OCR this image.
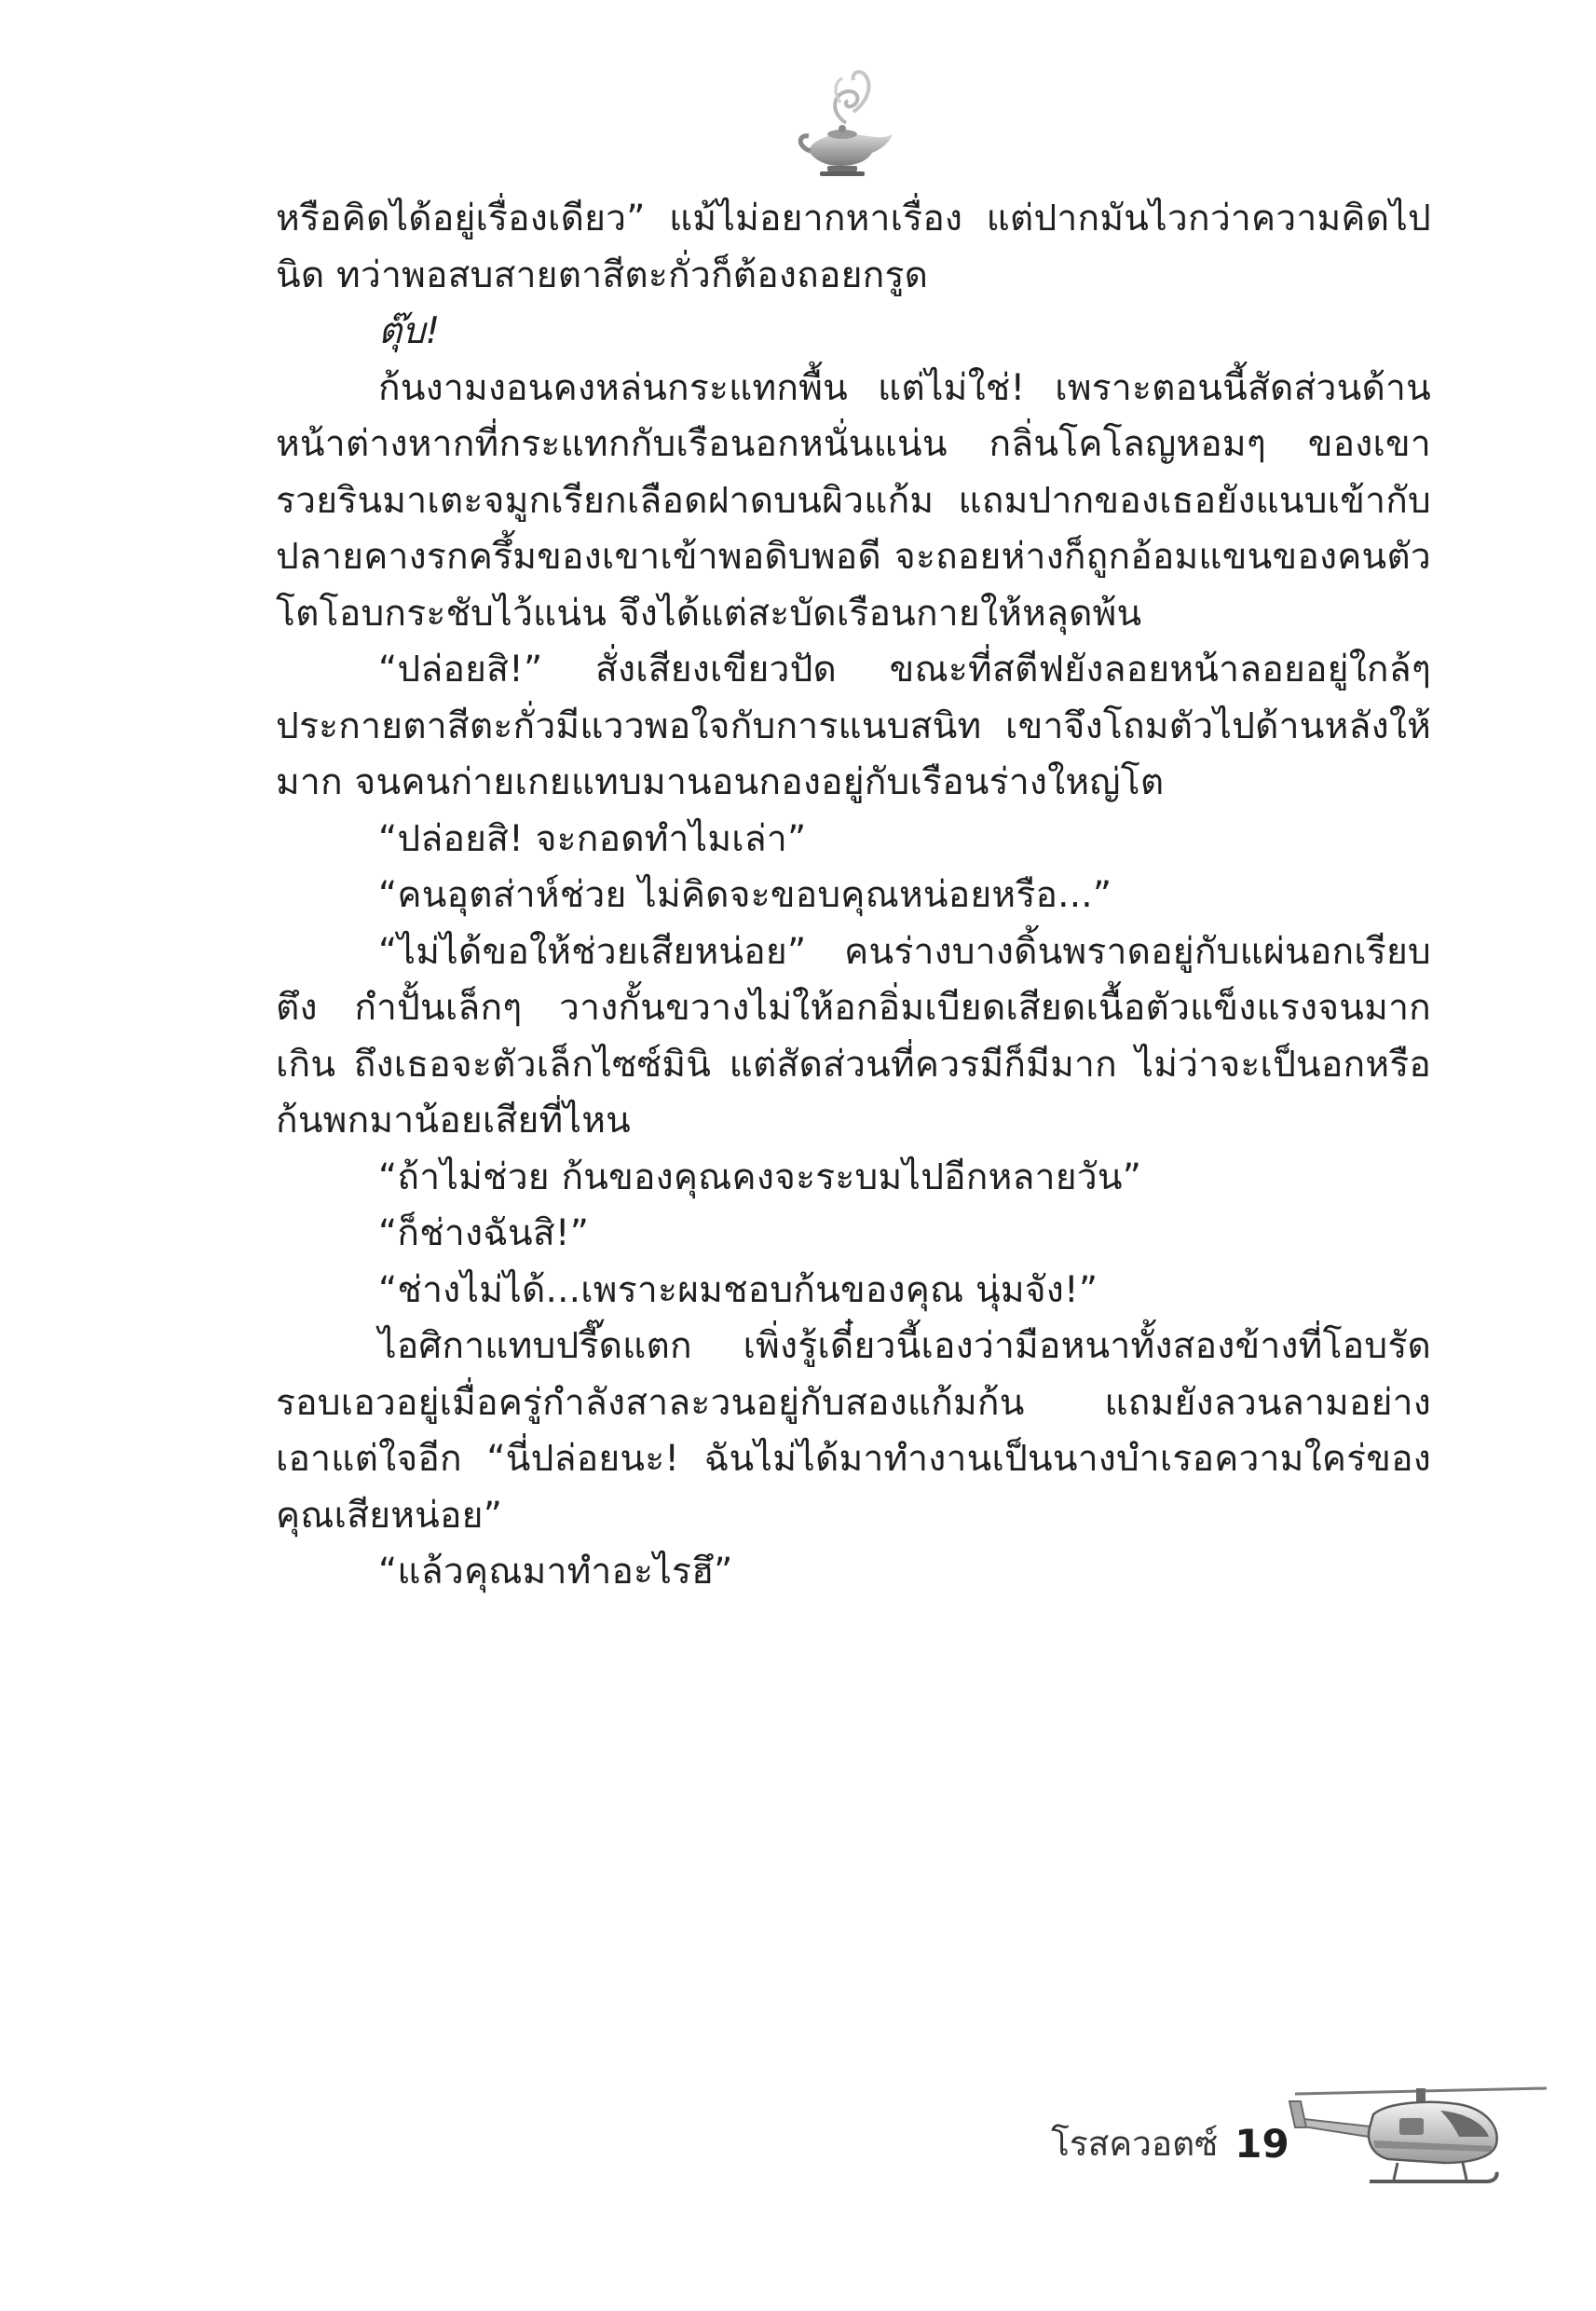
หรือคิดได้อยู่เรื่องเดียว” แม้ไม่อยากหาเรื่อง แต่ปากมันไวกว่าความคิดไปนิด ทว่าพอสบสายตาสีตะกั่วก็ต้องถอยกรูด

ตุ๊บ!

ก้นงามงอนคงหล่นกระแทกพื้น แต่ไม่ใช่! เพราะตอนนี้สัดส่วนด้านหน้าต่างหากที่กระแทกกับเรือนอกหนั่นแน่น กลิ่นโคโลญหอมๆ ของเขารวยรินมาเตะจมูกเรียกเลือดฝาดบนผิวแก้ม แถมปากของเธอยังแนบเข้ากับปลายคางรกครึ้มของเขาเข้าพอดิบพอดี จะถอยห่างก็ถูกอ้อมแขนของคนตัวโตโอบกระชับไว้แน่น จึงได้แต่สะบัดเรือนกายให้หลุดพ้น

“ปล่อยสิ!” สั่งเสียงเขียวปัด ขณะที่สตีฟยังลอยหน้าลอยอยู่ใกล้ๆ ประกายตาสีตะกั่วมีแววพอใจกับการแนบสนิท เขาจึงโถมตัวไปด้านหลังให้มาก จนคนก่ายเกยแทบมานอนกองอยู่กับเรือนร่างใหญ่โต

“ปล่อยสิ! จะกอดทำไมเล่า”

“คนอุตส่าห์ช่วย ไม่คิดจะขอบคุณหน่อยหรือ...”

“ไม่ได้ขอให้ช่วยเสียหน่อย” คนร่างบางดิ้นพราดอยู่กับแผ่นอกเรียบตึง กำปั้นเล็กๆ วางกั้นขวางไม่ให้อกอิ่มเบียดเสียดเนื้อตัวแข็งแรงจนมากเกิน ถึงเธอจะตัวเล็กไซซ์มินิ แต่สัดส่วนที่ควรมีก็มีมาก ไม่ว่าจะเป็นอกหรือก้นพกมาน้อยเสียที่ไหน

“ถ้าไม่ช่วย ก้นของคุณคงจะระบมไปอีกหลายวัน”

“ก็ช่างฉันสิ!”

“ช่างไม่ได้...เพราะผมชอบก้นของคุณ นุ่มจัง!”

ไอศิกาแทบปรี๊ดแตก เพิ่งรู้เดี๋ยวนี้เองว่ามือหนาทั้งสองข้างที่โอบรัดรอบเอวอยู่เมื่อครู่กำลังสาละวนอยู่กับสองแก้มก้น แถมยังลวนลามอย่างเอาแต่ใจอีก “นี่ปล่อยนะ! ฉันไม่ได้มาทำงานเป็นนางบำเรอความใคร่ของคุณเสียหน่อย”

“แล้วคุณมาทำอะไรฮึ”

โรสควอตซ์ 19
